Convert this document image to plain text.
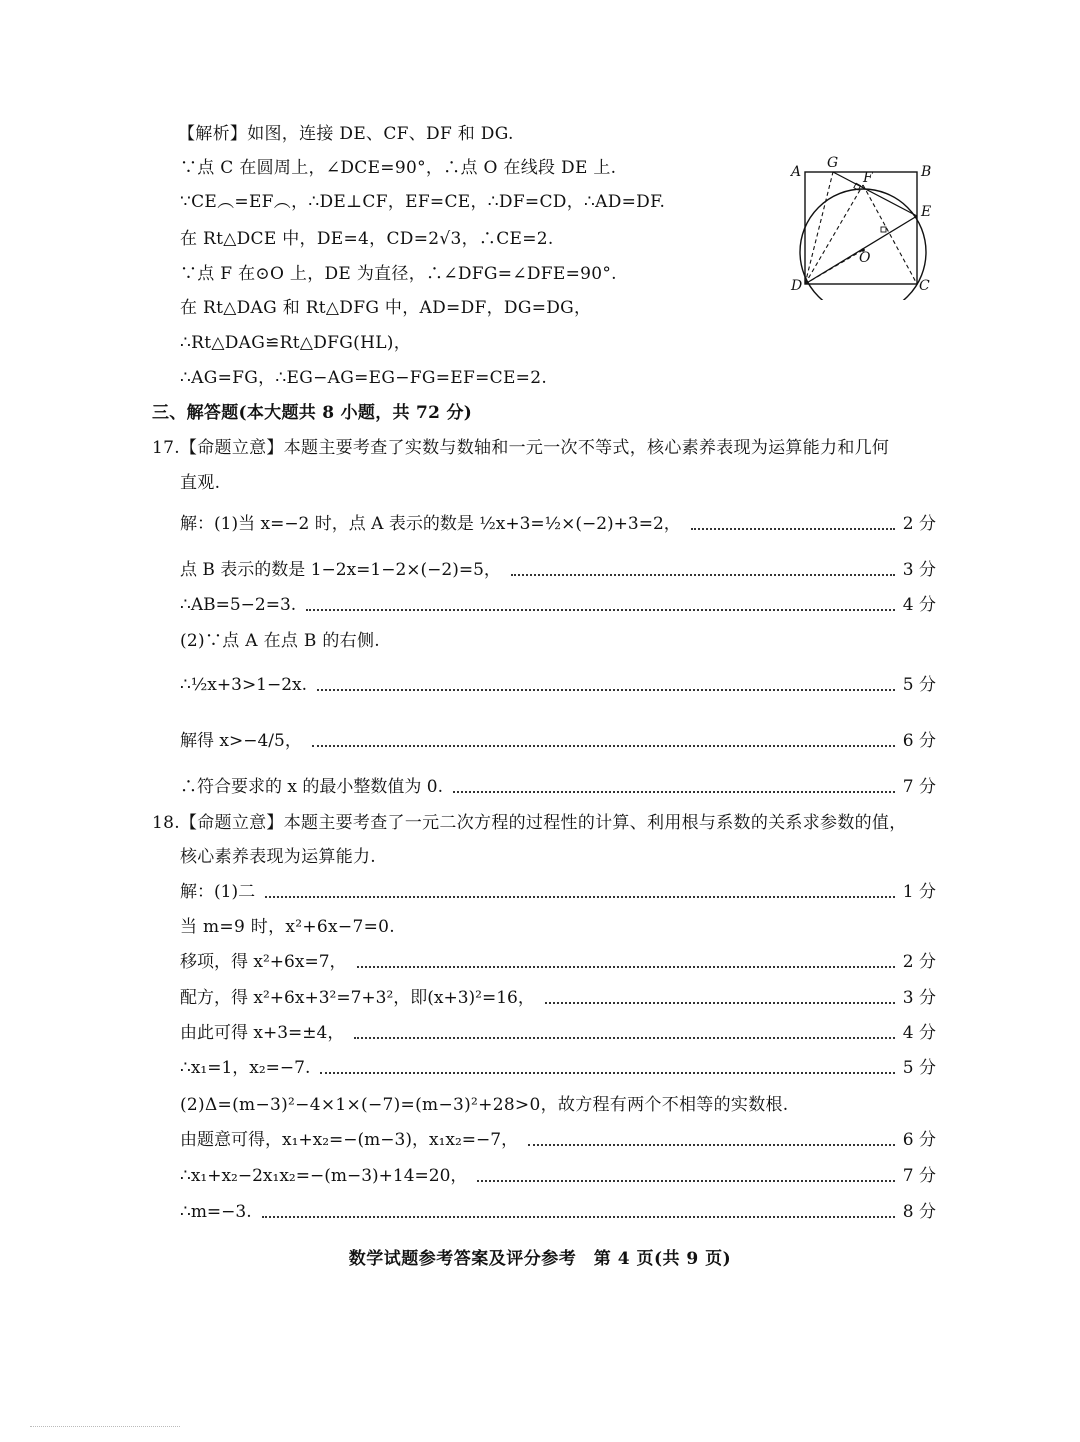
【解析】如图，连接 DE、CF、DF 和 DG.
∵点 C 在圆周上，∠DCE=90°，∴点 O 在线段 DE 上.
∵CE︵=EF︵，∴DE⊥CF，EF=CE，∴DF=CD，∴AD=DF.
在 Rt△DCE 中，DE=4，CD=2√3，∴CE=2.
∵点 F 在⊙O 上，DE 为直径，∴∠DFG=∠DFE=90°.
在 Rt△DAG 和 Rt△DFG 中，AD=DF，DG=DG，
∴Rt△DAG≌Rt△DFG(HL)，
∴AG=FG，∴EG−AG=EG−FG=EF=CE=2.
A
G
F	B
E
O
D	C
三、解答题(本大题共 8 小题，共 72 分)
17.【命题立意】本题主要考查了实数与数轴和一元一次不等式，核心素养表现为运算能力和几何
直观.
解：(1)当 x=−2 时，点 A 表示的数是 ½x+3=½×(−2)+3=2，	2 分
点 B 表示的数是 1−2x=1−2×(−2)=5，	3 分
∴AB=5−2=3.	4 分
(2)∵点 A 在点 B 的右侧.
∴½x+3>1−2x.	5 分
解得 x>−4/5，	6 分
∴符合要求的 x 的最小整数值为 0.	7 分
18.【命题立意】本题主要考查了一元二次方程的过程性的计算、利用根与系数的关系求参数的值，
核心素养表现为运算能力.
解：(1)二	1 分
当 m=9 时，x²+6x−7=0.
移项，得 x²+6x=7，	2 分
配方，得 x²+6x+3²=7+3²，即(x+3)²=16，	3 分
由此可得 x+3=±4，	4 分
∴x₁=1，x₂=−7.	5 分
(2)Δ=(m−3)²−4×1×(−7)=(m−3)²+28>0，故方程有两个不相等的实数根.
由题意可得，x₁+x₂=−(m−3)，x₁x₂=−7，	6 分
∴x₁+x₂−2x₁x₂=−(m−3)+14=20，	7 分
∴m=−3.	8 分
数学试题参考答案及评分参考　第 4 页(共 9 页)
